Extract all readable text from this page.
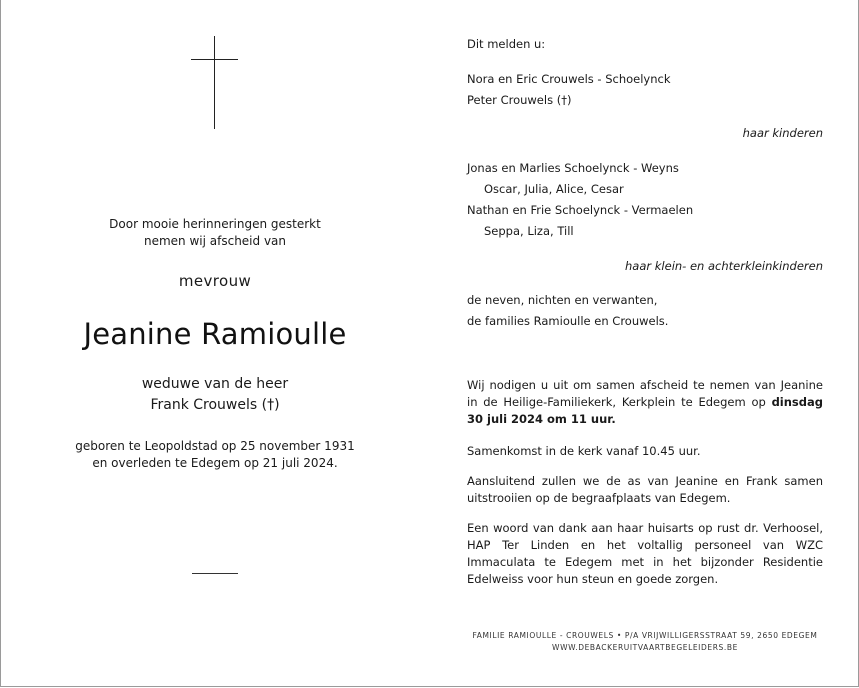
Door mooie herinneringen gesterkt
nemen wij afscheid van
mevrouw
Jeanine Ramioulle
weduwe van de heer
Frank Crouwels (†)
geboren te Leopoldstad op 25 november 1931
en overleden te Edegem op 21 juli 2024.
Dit melden u:
Nora en Eric Crouwels - Schoelynck
Peter Crouwels (†)
haar kinderen
Jonas en Marlies Schoelynck - Weyns
Oscar, Julia, Alice, Cesar
Nathan en Frie Schoelynck - Vermaelen
Seppa, Liza, Till
haar klein- en achterkleinkinderen
de neven, nichten en verwanten,
de families Ramioulle en Crouwels.
Wij nodigen u uit om samen afscheid te nemen van Jeanine in de Heilige-Familiekerk, Kerkplein te Edegem op dinsdag 30 juli 2024 om 11 uur.
Samenkomst in de kerk vanaf 10.45 uur.
Aansluitend zullen we de as van Jeanine en Frank samen uitstrooiien op de begraafplaats van Edegem.
Een woord van dank aan haar huisarts op rust dr. Verhoosel, HAP Ter Linden en het voltallig personeel van WZC Immaculata te Edegem met in het bijzonder Residentie Edelweiss voor hun steun en goede zorgen.
FAMILIE RAMIOULLE - CROUWELS • P/A VRIJWILLIGERSSTRAAT 59, 2650 EDEGEM
WWW.DEBACKERUITVAARTBEGELEIDERS.BE
